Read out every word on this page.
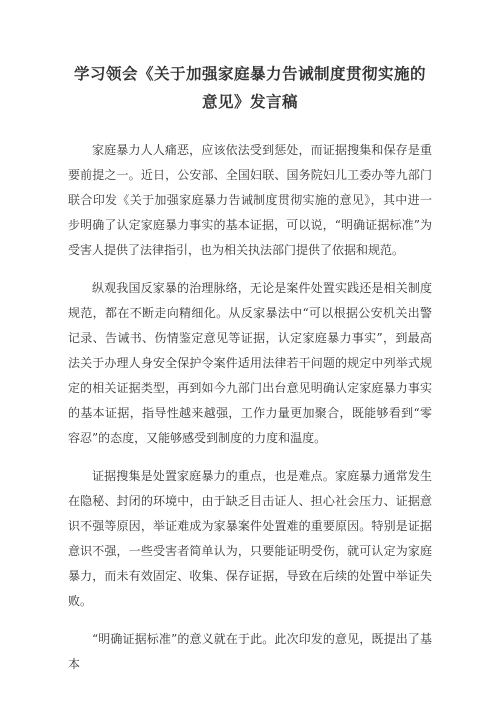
学习领会《关于加强家庭暴力告诫制度贯彻实施的
意见》发言稿

家庭暴力人人痛恶，应该依法受到惩处，而证据搜集和保存是重要前提之一。近日，公安部、全国妇联、国务院妇儿工委办等九部门联合印发《关于加强家庭暴力告诫制度贯彻实施的意见》，其中进一步明确了认定家庭暴力事实的基本证据，可以说，“明确证据标准”为受害人提供了法律指引，也为相关执法部门提供了依据和规范。

纵观我国反家暴的治理脉络，无论是案件处置实践还是相关制度规范，都在不断走向精细化。从反家暴法中“可以根据公安机关出警记录、告诫书、伤情鉴定意见等证据，认定家庭暴力事实”，到最高法关于办理人身安全保护令案件适用法律若干问题的规定中列举式规定的相关证据类型，再到如今九部门出台意见明确认定家庭暴力事实的基本证据，指导性越来越强，工作力量更加聚合，既能够看到“零容忍”的态度，又能够感受到制度的力度和温度。

证据搜集是处置家庭暴力的重点，也是难点。家庭暴力通常发生在隐秘、封闭的环境中，由于缺乏目击证人、担心社会压力、证据意识不强等原因，举证难成为家暴案件处置难的重要原因。特别是证据意识不强，一些受害者简单认为，只要能证明受伤，就可认定为家庭暴力，而未有效固定、收集、保存证据，导致在后续的处置中举证失败。

“明确证据标准”的意义就在于此。此次印发的意见，既提出了基本
